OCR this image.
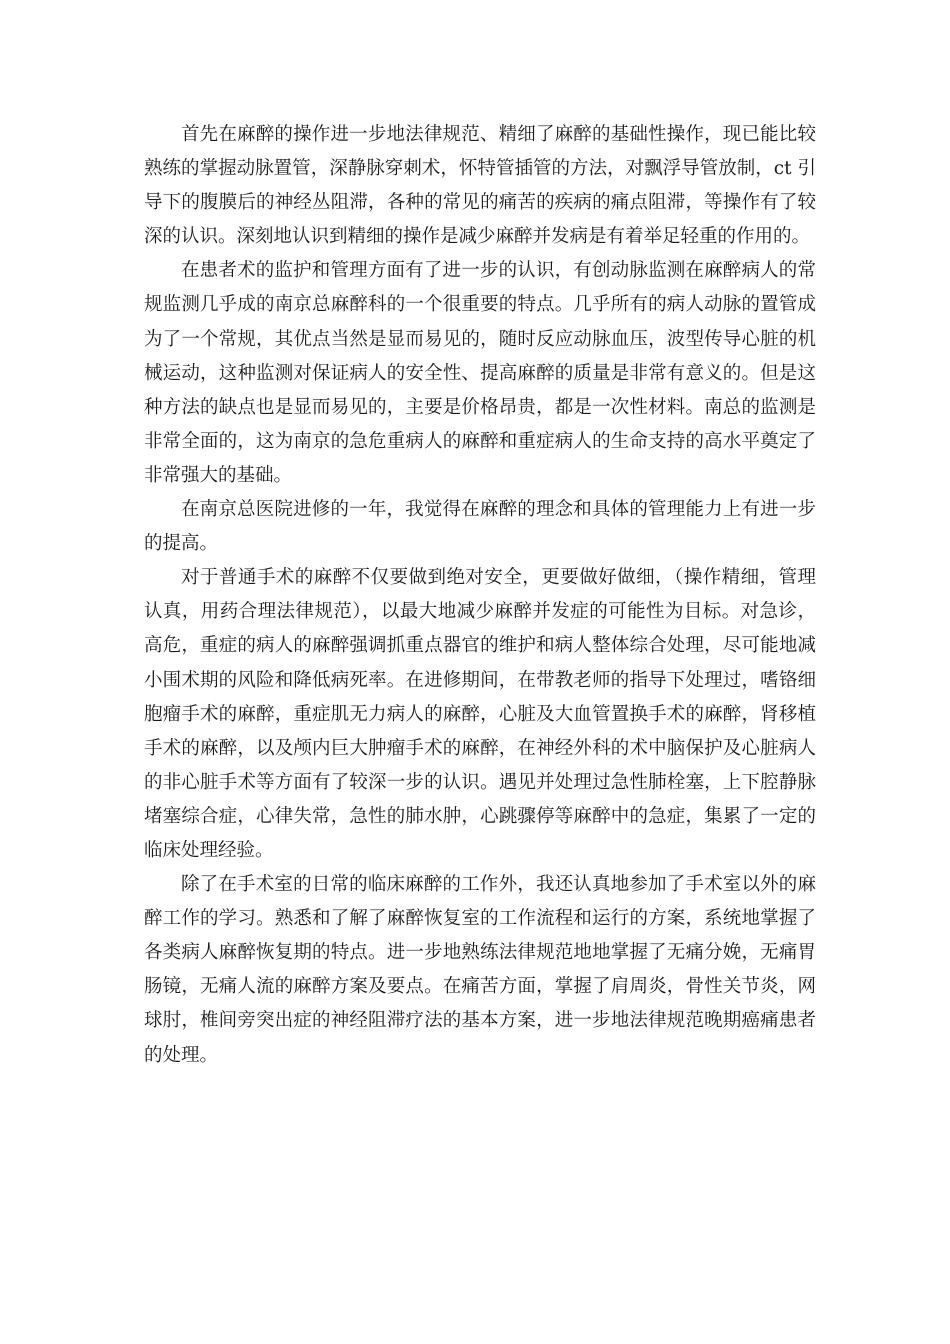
首先在麻醉的操作进一步地法律规范、精细了麻醉的基础性操作，现已能比较熟练的掌握动脉置管，深静脉穿刺术，怀特管插管的方法，对飘浮导管放制，ct 引导下的腹膜后的神经丛阻滞，各种的常见的痛苦的疾病的痛点阻滞，等操作有了较深的认识。深刻地认识到精细的操作是减少麻醉并发病是有着举足轻重的作用的。

在患者术的监护和管理方面有了进一步的认识，有创动脉监测在麻醉病人的常规监测几乎成的南京总麻醉科的一个很重要的特点。几乎所有的病人动脉的置管成为了一个常规，其优点当然是显而易见的，随时反应动脉血压，波型传导心脏的机械运动，这种监测对保证病人的安全性、提高麻醉的质量是非常有意义的。但是这种方法的缺点也是显而易见的，主要是价格昂贵，都是一次性材料。南总的监测是非常全面的，这为南京的急危重病人的麻醉和重症病人的生命支持的高水平奠定了非常强大的基础。

在南京总医院进修的一年，我觉得在麻醉的理念和具体的管理能力上有进一步的提高。

对于普通手术的麻醉不仅要做到绝对安全，更要做好做细，（操作精细，管理认真，用药合理法律规范），以最大地减少麻醉并发症的可能性为目标。对急诊，高危，重症的病人的麻醉强调抓重点器官的维护和病人整体综合处理，尽可能地减小围术期的风险和降低病死率。在进修期间，在带教老师的指导下处理过，嗜铬细胞瘤手术的麻醉，重症肌无力病人的麻醉，心脏及大血管置换手术的麻醉，肾移植手术的麻醉，以及颅内巨大肿瘤手术的麻醉，在神经外科的术中脑保护及心脏病人的非心脏手术等方面有了较深一步的认识。遇见并处理过急性肺栓塞，上下腔静脉堵塞综合症，心律失常，急性的肺水肿，心跳骤停等麻醉中的急症，集累了一定的临床处理经验。

除了在手术室的日常的临床麻醉的工作外，我还认真地参加了手术室以外的麻醉工作的学习。熟悉和了解了麻醉恢复室的工作流程和运行的方案，系统地掌握了各类病人麻醉恢复期的特点。进一步地熟练法律规范地地掌握了无痛分娩，无痛胃肠镜，无痛人流的麻醉方案及要点。在痛苦方面，掌握了肩周炎，骨性关节炎，网球肘，椎间旁突出症的神经阻滞疗法的基本方案，进一步地法律规范晚期癌痛患者的处理。
